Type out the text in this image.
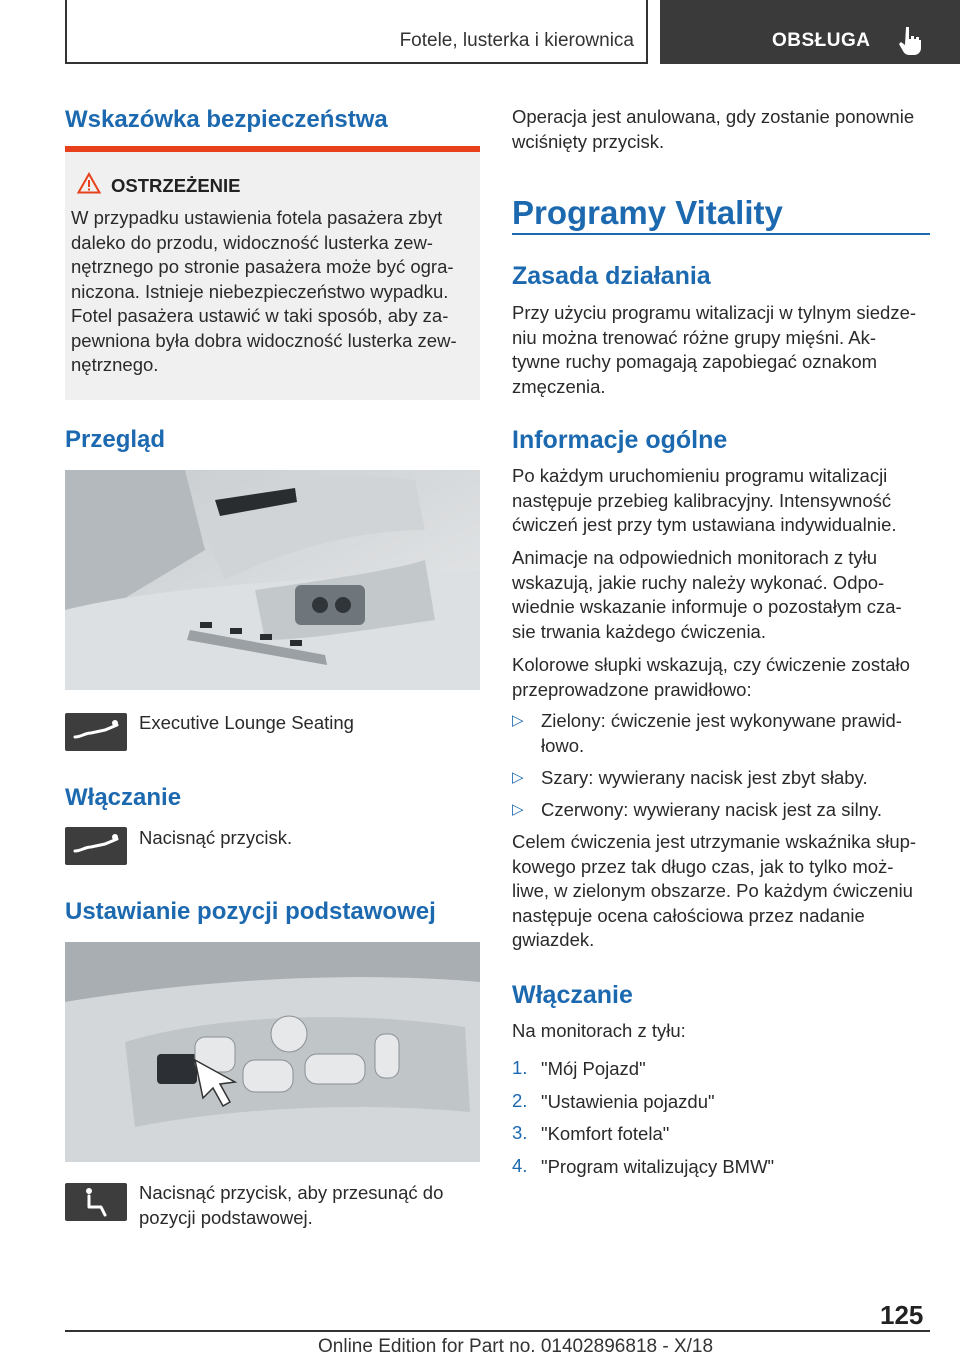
Fotele, lusterka i kierownica	OBSŁUGA
Wskazówka bezpieczeństwa
OSTRZEŻENIE
W przypadku ustawienia fotela pasażera zbyt
daleko do przodu, widoczność lusterka zew‐
nętrznego po stronie pasażera może być ogra‐
niczona. Istnieje niebezpieczeństwo wypadku.
Fotel pasażera ustawić w taki sposób, aby za‐
pewniona była dobra widoczność lusterka zew‐
nętrznego.
Przegląd
Executive Lounge Seating
Włączanie
Nacisnąć przycisk.
Ustawianie pozycji podstawowej
Nacisnąć przycisk, aby przesunąć do
pozycji podstawowej.
Operacja jest anulowana, gdy zostanie ponownie
wciśnięty przycisk.
Programy Vitality
Zasada działania
Przy użyciu programu witalizacji w tylnym siedze‐
niu można trenować różne grupy mięśni. Ak‐
tywne ruchy pomagają zapobiegać oznakom
zmęczenia.
Informacje ogólne
Po każdym uruchomieniu programu witalizacji
następuje przebieg kalibracyjny. Intensywność
ćwiczeń jest przy tym ustawiana indywidualnie.
Animacje na odpowiednich monitorach z tyłu
wskazują, jakie ruchy należy wykonać. Odpo‐
wiednie wskazanie informuje o pozostałym cza‐
sie trwania każdego ćwiczenia.
Kolorowe słupki wskazują, czy ćwiczenie zostało
przeprowadzone prawidłowo:
▷ Zielony: ćwiczenie jest wykonywane prawid‐
łowo.
▷ Szary: wywierany nacisk jest zbyt słaby.
▷ Czerwony: wywierany nacisk jest za silny.
Celem ćwiczenia jest utrzymanie wskaźnika słup‐
kowego przez tak długo czas, jak to tylko moż‐
liwe, w zielonym obszarze. Po każdym ćwiczeniu
następuje ocena całościowa przez nadanie
gwiazdek.
Włączanie
Na monitorach z tyłu:
1. "Mój Pojazd"
2. "Ustawienia pojazdu"
3. "Komfort fotela"
4. "Program witalizujący BMW"
125
Online Edition for Part no. 01402896818 - X/18
